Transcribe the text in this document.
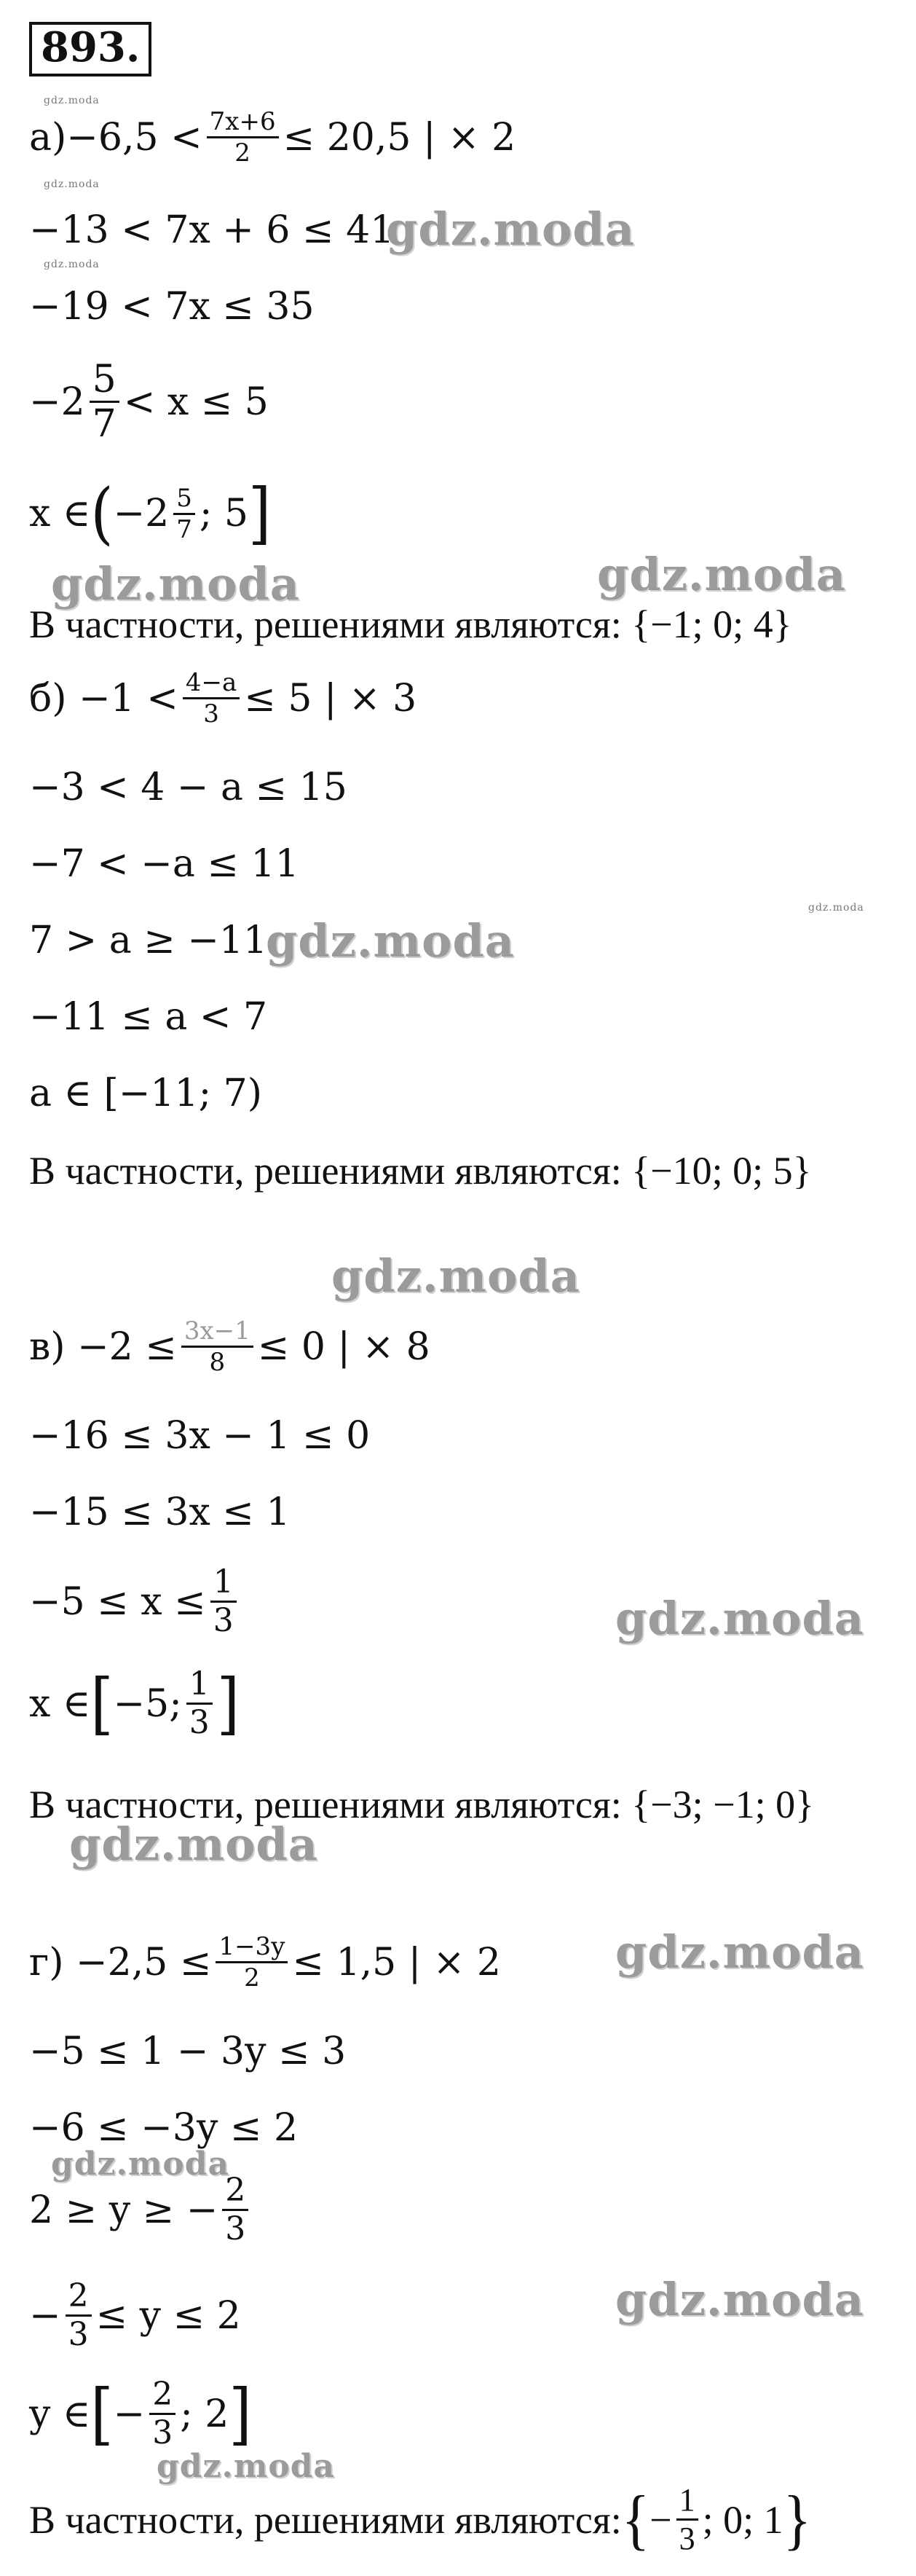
893.
$а)-6,5 < \frac{7x+6}{2} \le 20,5$ | × 2
−13 < 7x + 6 ≤ 41
−19 < 7x ≤ 35
$-2 \frac{5}{7} < x \le 5$
x ∈ ( $-2 \frac{5}{7}$ ; 5 ]
В частности, решениями являются: {−1; 0; 4}
$б) -1 < \frac{4-a}{3} \le 5$ | × 3
−3 < 4 − a ≤ 15
−7 < −a ≤ 11
7 > a ≥ −11
−11 ≤ a < 7
a ∈ [−11; 7)
В частности, решениями являются: {−10; 0; 5}
$в) -2 \le \frac{3x-1}{8} \le 0$ | × 8
−16 ≤ 3x − 1 ≤ 0
−15 ≤ 3x ≤ 1
$-5 \le x \le \frac{1}{3}$
x ∈ [ −5; $\frac{1}{3}$ ]
В частности, решениями являются: {−3; −1; 0}
$г) -2,5 \le \frac{1-3y}{2} \le 1,5$ | × 2
−5 ≤ 1 − 3y ≤ 3
−6 ≤ −3y ≤ 2
2 ≥ y ≥ − $\frac{2}{3}$
− $\frac{2}{3} \le y \le 2$
y ∈ [ − $\frac{2}{3}$ ; 2 ]
В частности, решениями являются: { − $\frac{1}{3}$ ; 0; 1 }
gdz.moda
gdz.moda
gdz.moda
gdz.moda
gdz.moda	gdz.moda
gdz.moda
gdz.moda
gdz.moda
gdz.moda
gdz.moda
gdz.moda
gdz.moda
gdz.moda
gdz.moda
